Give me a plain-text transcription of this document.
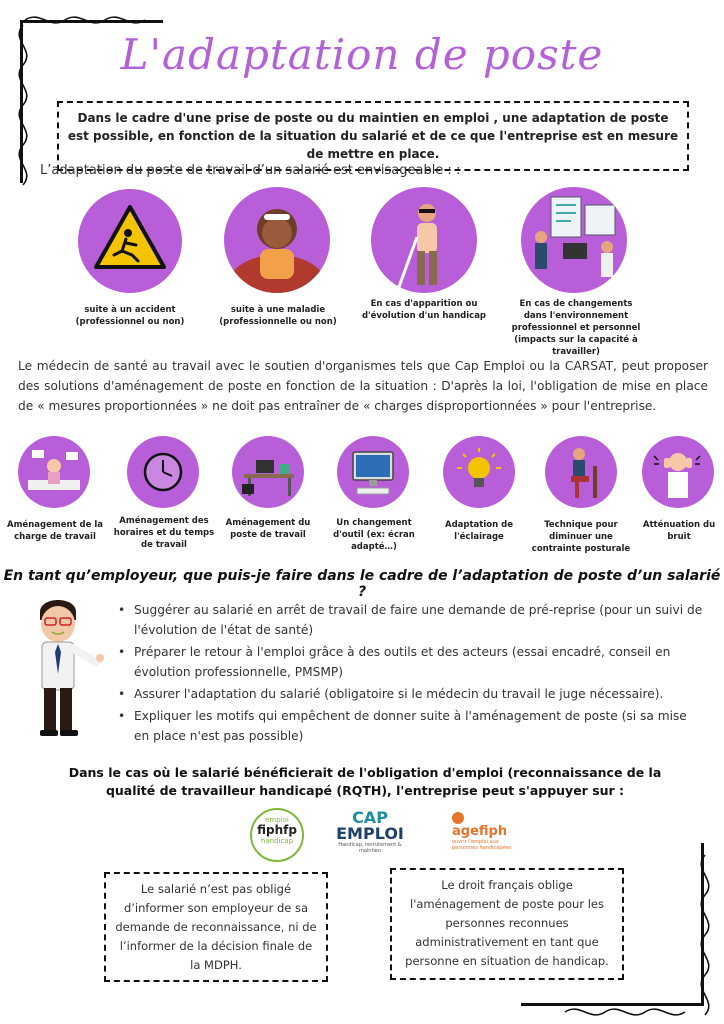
L'adaptation de poste
Dans le cadre d'une prise de poste ou du maintien en emploi , une adaptation de poste est possible, en fonction de la situation du salarié et de ce que l'entreprise est en mesure de mettre en place.
L’adaptation du poste de travail d’un salarié est envisageable : :
suite à un accident (professionnel ou non)
suite à une maladie (professionnelle ou non)
En cas d'apparition ou d'évolution d'un handicap
En cas de changements dans l'environnement professionnel et personnel (impacts sur la capacité à travailler)
Le médecin de santé au travail avec le soutien d'organismes tels que Cap Emploi ou la CARSAT, peut proposer des solutions d'aménagement de poste en fonction de la situation : D'après la loi, l'obligation de mise en place de « mesures proportionnées » ne doit pas entraîner de « charges disproportionnées » pour l'entreprise.
Aménagement de la charge de travail
Aménagement des horaires et du temps de travail
Aménagement du poste de travail
Un changement d'outil (ex: écran adapté…)
Adaptation de l'éclairage
Technique pour diminuer une contrainte posturale
Atténuation du bruit
En tant qu’employeur, que puis-je faire dans le cadre de l’adaptation de poste d’un salarié ?
• Suggérer au salarié en arrêt de travail de faire une demande de pré-reprise (pour un suivi de l'évolution de l'état de santé)
• Préparer le retour à l'emploi grâce à des outils et des acteurs (essai encadré, conseil en évolution professionnelle, PMSMP)
• Assurer l'adaptation du salarié (obligatoire si le médecin du travail le juge nécessaire).
• Expliquer les motifs qui empêchent de donner suite à l'aménagement de poste (si sa mise en place n'est pas possible)
Dans le cas où le salarié bénéficierait de l'obligation d'emploi (reconnaissance de la qualité de travailleur handicapé (RQTH), l'entreprise peut s'appuyer sur :
emploi
fiphfp
handicap
CAP
EMPLOI
Handicap, recrutement & maintien
agefiph
ouvrir l'emploi aux personnes handicapées
Le salarié n’est pas obligé d’informer son employeur de sa demande de reconnaissance, ni de l’informer de la décision finale de la MDPH.
Le droit français oblige l'aménagement de poste pour les personnes reconnues administrativement en tant que personne en situation de handicap.
